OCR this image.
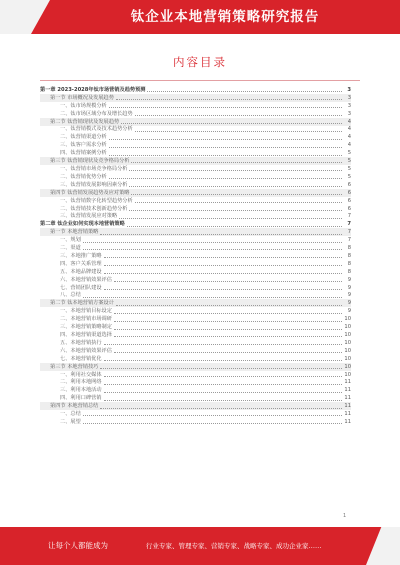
钛企业本地营销策略研究报告
内容目录
第一章 2023-2028年钛市场营销及趋势预测	3
第一节 市场概况及发展趋势	3
一、钛市场规模分析	3
二、钛市场区域分布及增长趋势	3
第二节 钛营销现状及发展趋势	4
一、钛营销模式及技术趋势分析	4
二、钛营销渠道分析	4
三、钛客户需求分析	4
四、钛营销案例分析	5
第三节 钛营销现状及竞争格局分析	5
一、钛营销市场竞争格局分析	5
二、钛营销优势分析	5
三、钛营销发展影响因素分析	6
第四节 钛营销发展趋势及应对策略	6
一、钛营销数字化转型趋势分析	6
二、钛营销技术创新趋势分析	6
三、钛营销发展应对策略	7
第二章 钛企业如何实现本地营销策略	7
第一节 本地营销策略	7
一、规划	7
二、渠道	8
三、本地推广策略	8
四、客户关系管理	8
五、本地品牌建设	8
六、本地营销效果评估	9
七、营销团队建设	9
八、总结	9
第二节 钛本地营销方案设计	9
一、本地营销目标设定	9
二、本地营销市场调研	10
三、本地营销策略制定	10
四、本地营销渠道选择	10
五、本地营销执行	10
六、本地营销效果评估	10
七、本地营销优化	10
第三节 本地营销技巧	10
一、利用社交媒体	10
二、利用本地网络	11
三、利用本地活动	11
四、利用口碑营销	11
第四节 本地营销总结	11
一、总结	11
二、展望	11
1
让每个人都能成为	行业专家、管理专家、营销专家、战略专家、成功企业家……
